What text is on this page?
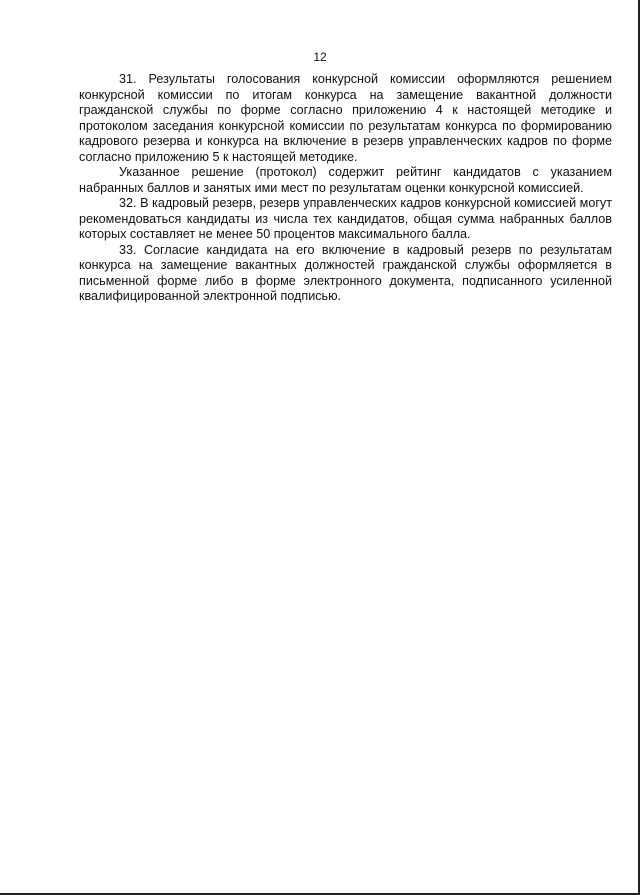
12

31. Результаты голосования конкурсной комиссии оформляются решением конкурсной комиссии по итогам конкурса на замещение вакантной должности гражданской службы по форме согласно приложению 4 к настоящей методике и протоколом заседания конкурсной комиссии по результатам конкурса по формированию кадрового резерва и конкурса на включение в резерв управленческих кадров по форме согласно приложению 5 к настоящей методике.

Указанное решение (протокол) содержит рейтинг кандидатов с указанием набранных баллов и занятых ими мест по результатам оценки конкурсной комиссией.

32. В кадровый резерв, резерв управленческих кадров конкурсной комиссией могут рекомендоваться кандидаты из числа тех кандидатов, общая сумма набранных баллов которых составляет не менее 50 процентов максимального балла.

33. Согласие кандидата на его включение в кадровый резерв по результатам конкурса на замещение вакантных должностей гражданской службы оформляется в письменной форме либо в форме электронного документа, подписанного усиленной квалифицированной электронной подписью.
